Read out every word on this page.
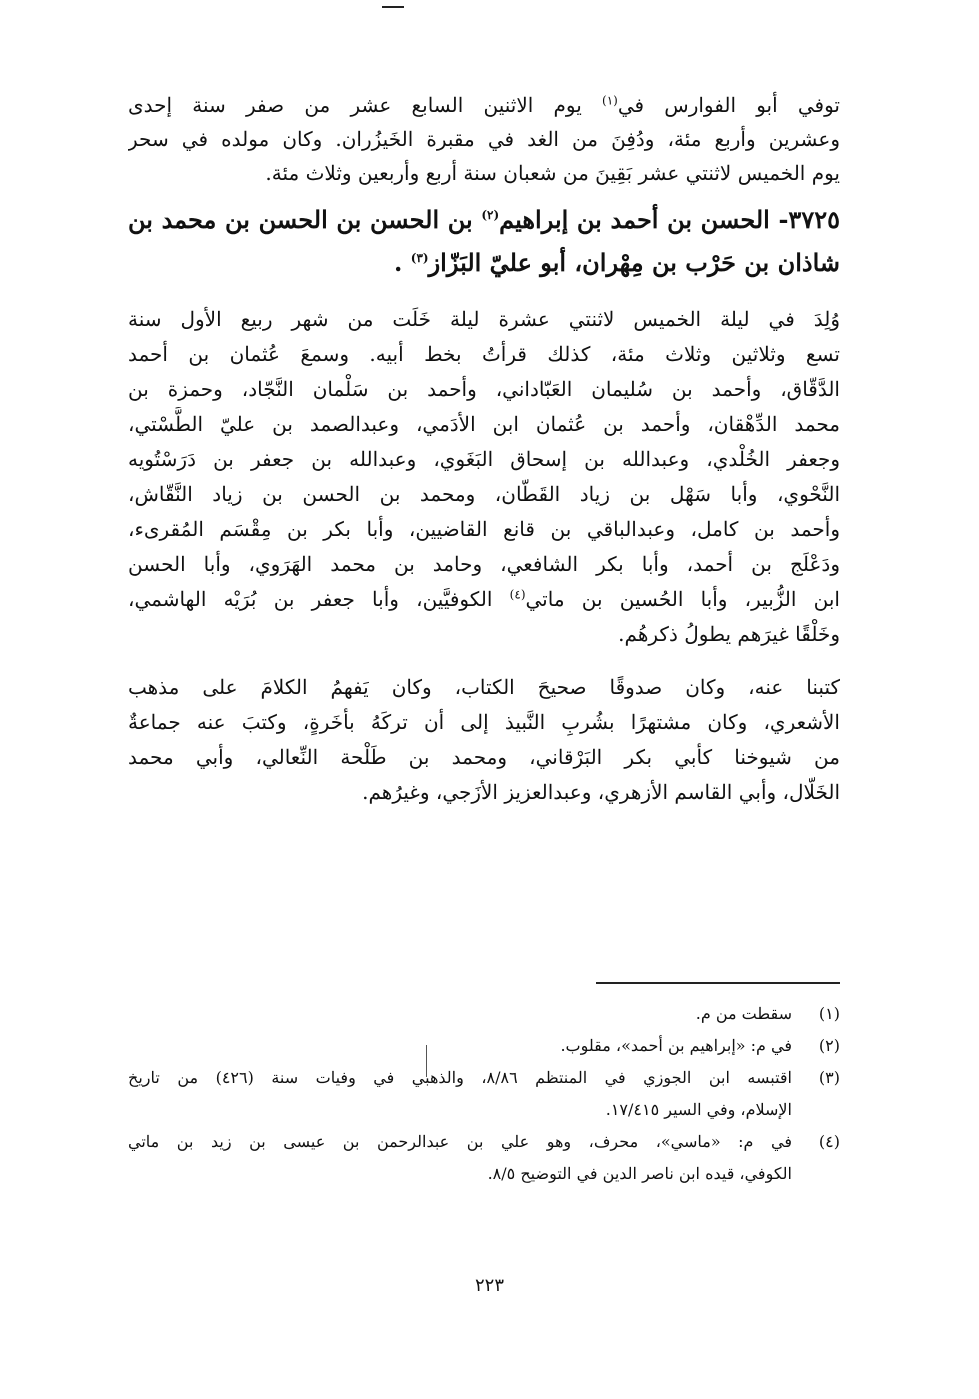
توفي أبو الفوارس في$^{(١)}$ يوم الاثنين السابع عشر من صفر سنة إحدى
وعشرين وأربع مئة، ودُفِنَ من الغد في مقبرة الخَيزُران. وكان مولده في سحر
يوم الخميس لاثنتي عشر بَقِينَ من شعبان سنة أربع وأربعين وثلاث مئة.
٣٧٢٥- الحسن بن أحمد بن إبراهيم$^{(٢)}$ بن الحسن بن الحسن بن محمد بن
شاذان بن حَرْب بن مِهْران، أبو عليّ البَزّاز$^{(٣)}$ .
وُلِدَ في ليلة الخميس لاثنتي عشرة ليلة خَلَت من شهر ربيع الأول سنة
تسع وثلاثين وثلاث مئة، كذلك قرأتُ بخط أبيه. وسمعَ عُثمان بن أحمد
الدَّقّاق، وأحمد بن سُليمان العَبّاداني، وأحمد بن سَلْمان النَّجّاد، وحمزة بن
محمد الدِّهْقان، وأحمد بن عُثمان ابن الأدَمي، وعبدالصمد بن عليّ الطَّسْتي،
وجعفر الخُلْدي، وعبدالله بن إسحاق البَغَوي، وعبدالله بن جعفر بن دَرَسْتُويه
النَّحْوي، وأبا سَهْل بن زياد القَطّان، ومحمد بن الحسن بن زياد النَّقّاش،
وأحمد بن كامل، وعبدالباقي بن قانع القاضيين، وأبا بكر بن مِقْسَم المُقرىء،
ودَعْلَج بن أحمد، وأبا بكر الشافعي، وحامد بن محمد الهَرَوي، وأبا الحسن
ابن الزُّبير، وأبا الحُسين بن ماتي$^{(٤)}$ الكوفيَّين، وأبا جعفر بن بُرَيْه الهاشمي،
وخَلْقًا غيرَهم يطولُ ذكرهُم.
كتبنا عنه، وكان صدوقًا صحيحَ الكتاب، وكان يَفهمُ الكلامَ على مذهب
الأشعري، وكان مشتهرًا بشُربِ النَّبيذ إلى أن تركَهُ بأخَرةٍ، وكتبَ عنه جماعةٌ
من شيوخنا كأبي بكر البَرْقاني، ومحمد بن طَلْحة النِّعالي، وأبي محمد
الخَلّال، وأبي القاسم الأزهري، وعبدالعزيز الأزَجي، وغيرُهم.
(١)
سقطت من م.
(٢)
في م: «إبراهيم بن أحمد»، مقلوب.
(٣)
اقتبسه ابن الجوزي في المنتظم ٨/٨٦، والذهبي في وفيات سنة (٤٢٦) من تاريخ
الإسلام، وفي السير ١٧/٤١٥.
(٤)
في م: «ماسي»، محرف، وهو علي بن عبدالرحمن بن عيسى بن زيد بن ماتي
الكوفي، قيده ابن ناصر الدين في التوضيح ٨/٥.
٢٢٣
